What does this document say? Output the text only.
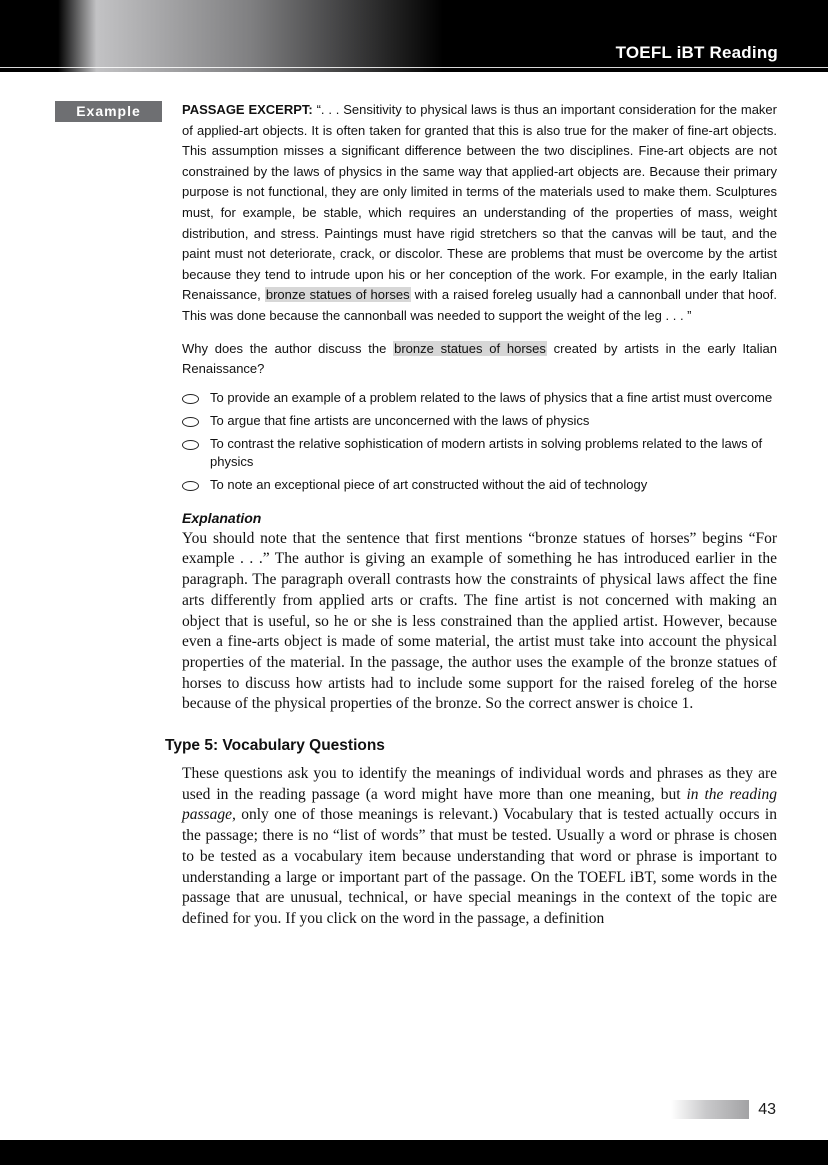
TOEFL iBT Reading
Example	PASSAGE EXCERPT: “. . . Sensitivity to physical laws is thus an important consideration for the maker of applied-art objects. It is often taken for granted that this is also true for the maker of fine-art objects. This assumption misses a significant difference between the two disciplines. Fine-art objects are not constrained by the laws of physics in the same way that applied-art objects are. Because their primary purpose is not functional, they are only limited in terms of the materials used to make them. Sculptures must, for example, be stable, which requires an understanding of the properties of mass, weight distribution, and stress. Paintings must have rigid stretchers so that the canvas will be taut, and the paint must not deteriorate, crack, or discolor. These are problems that must be overcome by the artist because they tend to intrude upon his or her conception of the work. For example, in the early Italian Renaissance, bronze statues of horses with a raised foreleg usually had a cannonball under that hoof. This was done because the cannonball was needed to support the weight of the leg . . . ”

Why does the author discuss the bronze statues of horses created by artists in the early Italian Renaissance?

To provide an example of a problem related to the laws of physics that a fine artist must overcome
To argue that fine artists are unconcerned with the laws of physics
To contrast the relative sophistication of modern artists in solving problems related to the laws of physics
To note an exceptional piece of art constructed without the aid of technology
Explanation

You should note that the sentence that first mentions “bronze statues of horses” begins “For example . . .” The author is giving an example of something he has introduced earlier in the paragraph. The paragraph overall contrasts how the constraints of physical laws affect the fine arts differently from applied arts or crafts. The fine artist is not concerned with making an object that is useful, so he or she is less constrained than the applied artist. However, because even a fine-arts object is made of some material, the artist must take into account the physical properties of the material. In the passage, the author uses the example of the bronze statues of horses to discuss how artists had to include some support for the raised foreleg of the horse because of the physical properties of the bronze. So the correct answer is choice 1.

Type 5: Vocabulary Questions

These questions ask you to identify the meanings of individual words and phrases as they are used in the reading passage (a word might have more than one meaning, but in the reading passage, only one of those meanings is relevant.) Vocabulary that is tested actually occurs in the passage; there is no “list of words” that must be tested. Usually a word or phrase is chosen to be tested as a vocabulary item because understanding that word or phrase is important to understanding a large or important part of the passage. On the TOEFL iBT, some words in the passage that are unusual, technical, or have special meanings in the context of the topic are defined for you. If you click on the word in the passage, a definition

43
